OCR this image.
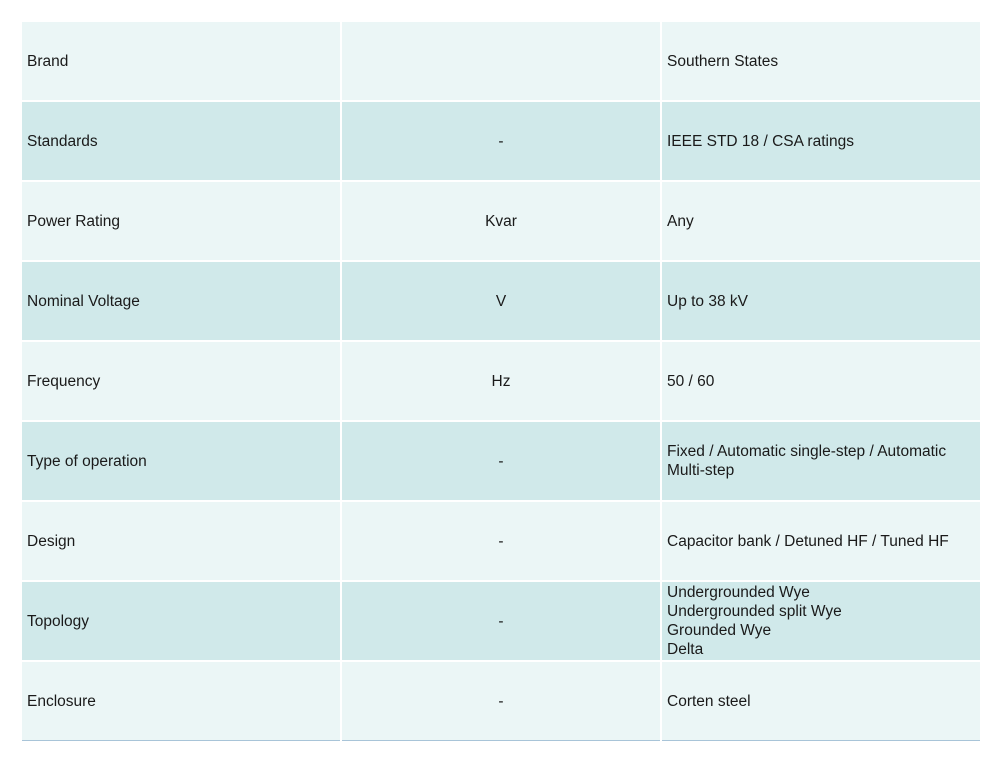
Brand		Southern States
Standards	-	IEEE STD 18 / CSA ratings
Power Rating	Kvar	Any
Nominal Voltage	V	Up to 38 kV
Frequency	Hz	50 / 60
Type of operation	-	Fixed / Automatic single-step / Automatic
Multi-step
Design	-	Capacitor bank / Detuned HF / Tuned HF
Topology	-	Undergrounded Wye
Undergrounded split Wye
Grounded Wye
Delta
Enclosure	-	Corten steel
